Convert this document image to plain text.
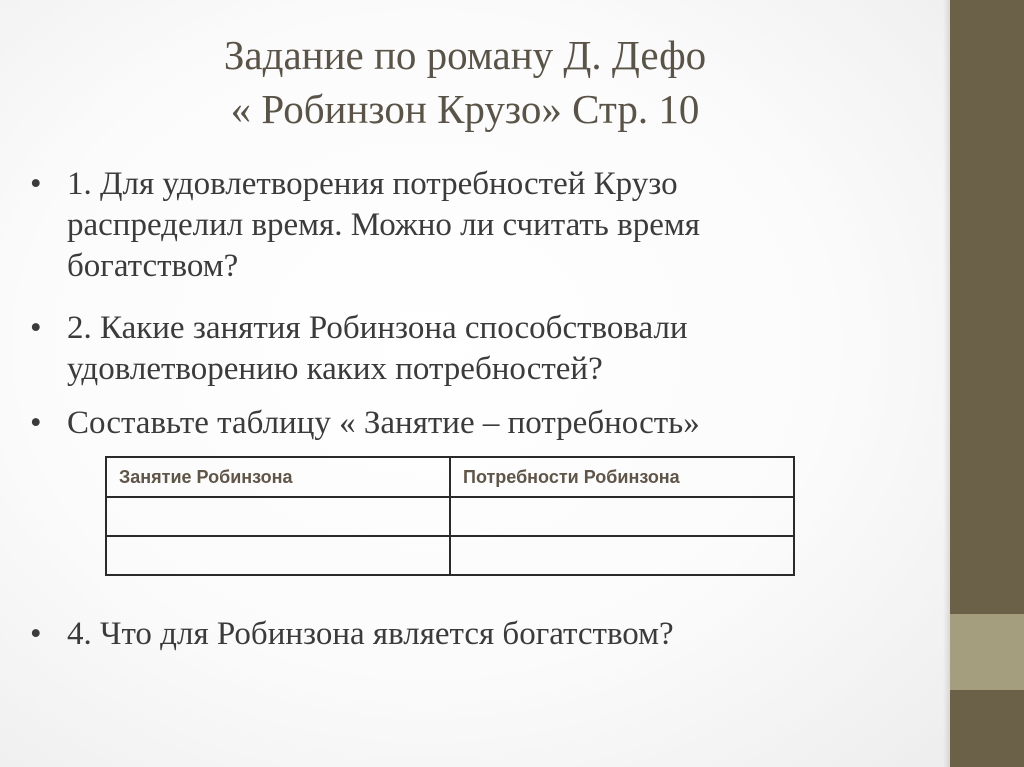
Задание по роману Д. Дефо
« Робинзон Крузо» Стр. 10
• 1. Для удовлетворения потребностей Крузо
распределил время. Можно ли считать время
богатством?
• 2. Какие занятия Робинзона способствовали
удовлетворению каких потребностей?
• Составьте таблицу « Занятие – потребность»
• 4. Что для Робинзона является богатством?
Занятие Робинзона	Потребности Робинзона
